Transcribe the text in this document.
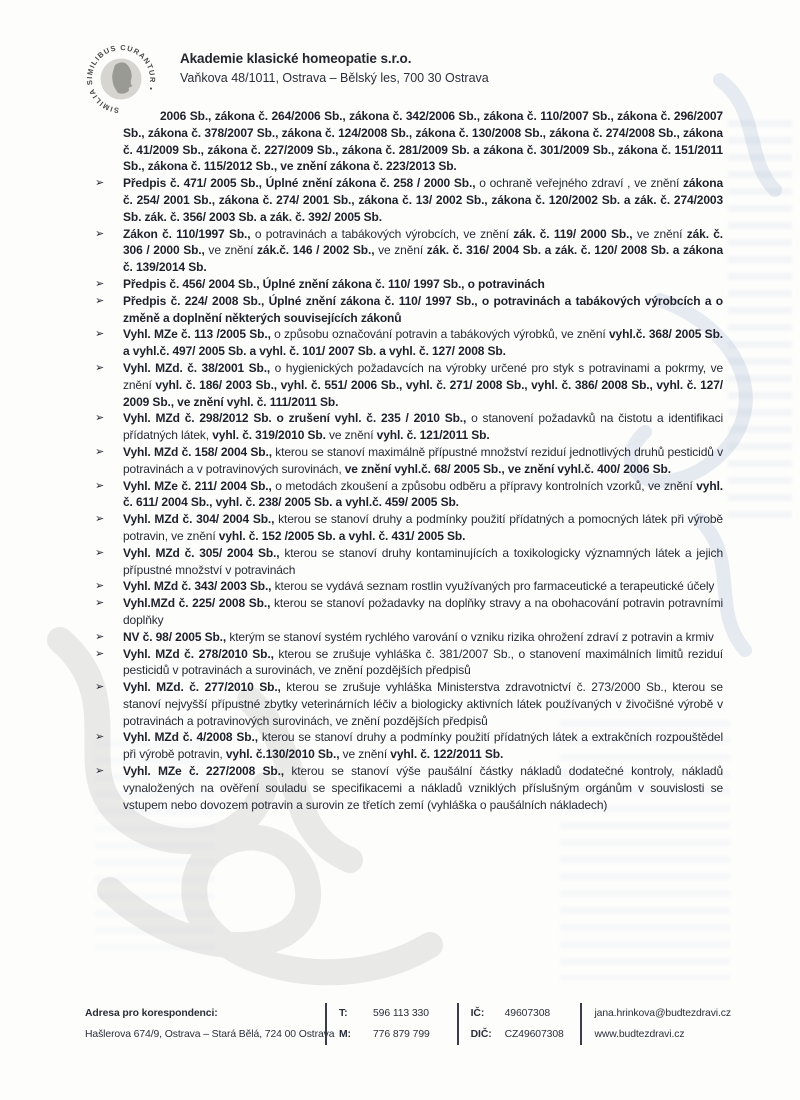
SIMILIA SIMILIBUS CURANTUR •
Akademie klasické homeopatie s.r.o.
Vaňkova 48/1011, Ostrava – Bělský les, 700 30 Ostrava

2006 Sb., zákona č. 264/2006 Sb., zákona č. 342/2006 Sb., zákona č. 110/2007 Sb., zákona č. 296/2007 Sb., zákona č. 378/2007 Sb., zákona č. 124/2008 Sb., zákona č. 130/2008 Sb., zákona č. 274/2008 Sb., zákona č. 41/2009 Sb., zákona č. 227/2009 Sb., zákona č. 281/2009 Sb. a zákona č. 301/2009 Sb., zákona č. 151/2011 Sb., zákona č. 115/2012 Sb., ve znění zákona č. 223/2013 Sb.

➢ Předpis č. 471/ 2005 Sb., Úplné znění zákona č. 258 / 2000 Sb., o ochraně veřejného zdraví , ve znění zákona č. 254/ 2001 Sb., zákona č. 274/ 2001 Sb., zákona č. 13/ 2002 Sb., zákona č. 120/2002 Sb. a zák. č. 274/2003 Sb. zák. č. 356/ 2003 Sb. a zák. č. 392/ 2005 Sb.
➢ Zákon č. 110/1997 Sb., o potravinách a tabákových výrobcích, ve znění zák. č. 119/ 2000 Sb., ve znění zák. č. 306 / 2000 Sb., ve znění zák.č. 146 / 2002 Sb., ve znění zák. č. 316/ 2004 Sb. a zák. č. 120/ 2008 Sb. a zákona č. 139/2014 Sb.
➢ Předpis č. 456/ 2004 Sb., Úplné znění zákona č. 110/ 1997 Sb., o potravinách
➢ Předpis č. 224/ 2008 Sb., Úplné znění zákona č. 110/ 1997 Sb., o potravinách a tabákových výrobcích a o změně a doplnění některých souvisejících zákonů
➢ Vyhl. MZe č. 113 /2005 Sb., o způsobu označování potravin a tabákových výrobků, ve znění vyhl.č. 368/ 2005 Sb. a vyhl.č. 497/ 2005 Sb. a vyhl. č. 101/ 2007 Sb. a vyhl. č. 127/ 2008 Sb.
➢ Vyhl. MZd. č. 38/2001 Sb., o hygienických požadavcích na výrobky určené pro styk s potravinami a pokrmy, ve znění vyhl. č. 186/ 2003 Sb., vyhl. č. 551/ 2006 Sb., vyhl. č. 271/ 2008 Sb., vyhl. č. 386/ 2008 Sb., vyhl. č. 127/ 2009 Sb., ve znění vyhl. č. 111/2011 Sb.
➢ Vyhl. MZd č. 298/2012 Sb. o zrušení vyhl. č. 235 / 2010 Sb., o stanovení požadavků na čistotu a identifikaci přídatných látek, vyhl. č. 319/2010 Sb. ve znění vyhl. č. 121/2011 Sb.
➢ Vyhl. MZd č. 158/ 2004 Sb., kterou se stanoví maximálně přípustné množství reziduí jednotlivých druhů pesticidů v potravinách a v potravinových surovinách, ve znění vyhl.č. 68/ 2005 Sb., ve znění vyhl.č. 400/ 2006 Sb.
➢ Vyhl. MZe č. 211/ 2004 Sb., o metodách zkoušení a způsobu odběru a přípravy kontrolních vzorků, ve znění vyhl. č. 611/ 2004 Sb., vyhl. č. 238/ 2005 Sb. a vyhl.č. 459/ 2005 Sb.
➢ Vyhl. MZd č. 304/ 2004 Sb., kterou se stanoví druhy a podmínky použití přídatných a pomocných látek při výrobě potravin, ve znění vyhl. č. 152 /2005 Sb. a vyhl. č. 431/ 2005 Sb.
➢ Vyhl. MZd č. 305/ 2004 Sb., kterou se stanoví druhy kontaminujících a toxikologicky významných látek a jejich přípustné množství v potravinách
➢ Vyhl. MZd č. 343/ 2003 Sb., kterou se vydává seznam rostlin využívaných pro farmaceutické a terapeutické účely
➢ Vyhl.MZd č. 225/ 2008 Sb., kterou se stanoví požadavky na doplňky stravy a na obohacování potravin potravními doplňky
➢ NV č. 98/ 2005 Sb., kterým se stanoví systém rychlého varování o vzniku rizika ohrožení zdraví z potravin a krmiv
➢ Vyhl. MZd č. 278/2010 Sb., kterou se zrušuje vyhláška č. 381/2007 Sb., o stanovení maximálních limitů reziduí pesticidů v potravinách a surovinách, ve znění pozdějších předpisů
➢ Vyhl. MZd. č. 277/2010 Sb., kterou se zrušuje vyhláška Ministerstva zdravotnictví č. 273/2000 Sb., kterou se stanoví nejvyšší přípustné zbytky veterinárních léčiv a biologicky aktivních látek používaných v živočišné výrobě v potravinách a potravinových surovinách, ve znění pozdějších předpisů
➢ Vyhl. MZd č. 4/2008 Sb., kterou se stanoví druhy a podmínky použití přídatných látek a extrakčních rozpouštědel při výrobě potravin, vyhl. č.130/2010 Sb., ve znění vyhl. č. 122/2011 Sb.
➢ Vyhl. MZe č. 227/2008 Sb., kterou se stanoví výše paušální částky nákladů dodatečné kontroly, nákladů vynaložených na ověření souladu se specifikacemi a nákladů vzniklých příslušným orgánům v souvislosti se vstupem nebo dovozem potravin a surovin ze třetích zemí (vyhláška o paušálních nákladech)
Adresa pro korespondenci:
Hašlerova 674/9, Ostrava – Stará Bělá, 724 00 Ostrava
T:	596 113 330
M:	776 879 799
IČ:	49607308
DIČ:	CZ49607308
jana.hrinkova@budtezdravi.cz
www.budtezdravi.cz
